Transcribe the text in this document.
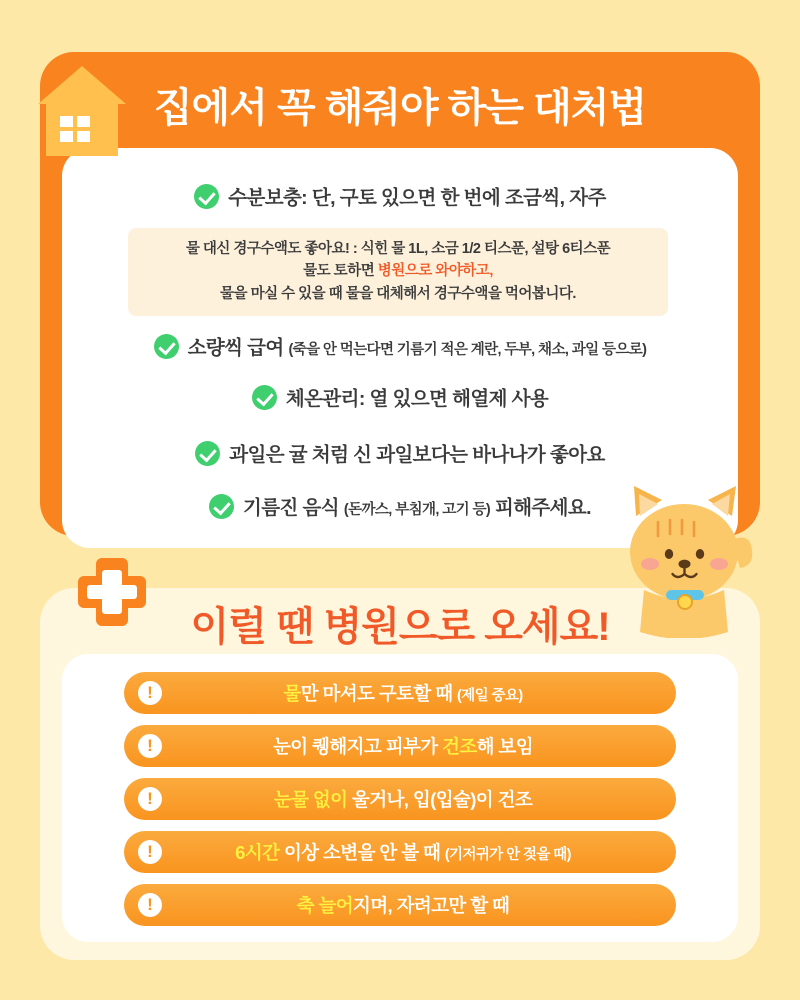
집에서 꼭 해줘야 하는 대처법
수분보충: 단, 구토 있으면 한 번에 조금씩, 자주
물 대신 경구수액도 좋아요! : 식힌 물 1L, 소금 1/2 티스푼, 설탕 6티스푼
물도 토하면 병원으로 와야하고,
물을 마실 수 있을 때 물을 대체해서 경구수액을 먹어봅니다.
소량씩 급여 (죽을 안 먹는다면 기름기 적은 계란, 두부, 채소, 과일 등으로)
체온관리: 열 있으면 해열제 사용
과일은 귤 처럼 신 과일보다는 바나나가 좋아요
기름진 음식 (돈까스, 부침개, 고기 등) 피해주세요.
이럴 땐 병원으로 오세요!
!	물만 마셔도 구토할 때 (제일 중요)
!	눈이 퀭해지고 피부가 건조해 보임
!	눈물 없이 울거나, 입(입술)이 건조
!	6시간 이상 소변을 안 볼 때 (기저귀가 안 젖을 때)
!	축 늘어지며, 자려고만 할 때
